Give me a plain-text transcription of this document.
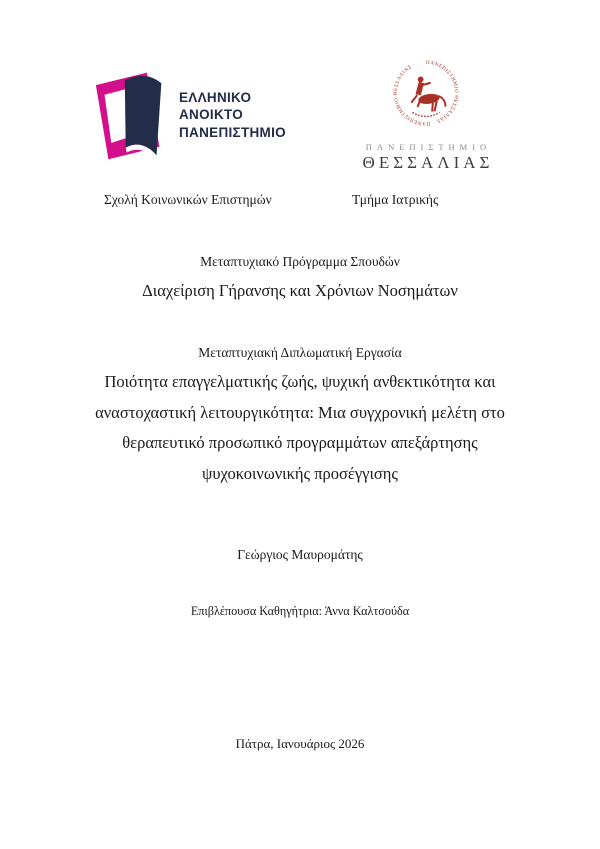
ΕΛΛΗΝΙΚΟ
ΑΝΟΙΚΤΟ
ΠΑΝΕΠΙΣΤΗΜΙΟ
ΠΑΝΕΠΙΣΤΗΜΙΟ ΘΕΣΣΑΛΙΑΣ · ΠΑΝΕΠΙΣΤΗΜΙΟ ΘΕΣΣΑΛΙΑΣ ·
ΠΑΝΕΠΙΣΤΗΜΙΟ
ΘΕΣΣΑΛΙΑΣ
Σχολή Κοινωνικών Επιστημών	Τμήμα Ιατρικής
Μεταπτυχιακό Πρόγραμμα Σπουδών
Διαχείριση Γήρανσης και Χρόνιων Νοσημάτων
Μεταπτυχιακή Διπλωματική Εργασία
Ποιότητα επαγγελματικής ζωής, ψυχική ανθεκτικότητα και
αναστοχαστική λειτουργικότητα: Μια συγχρονική μελέτη στο
θεραπευτικό προσωπικό προγραμμάτων απεξάρτησης
ψυχοκοινωνικής προσέγγισης
Γεώργιος Μαυρομάτης
Επιβλέπουσα Καθηγήτρια: Άννα Καλτσούδα
Πάτρα, Ιανουάριος 2026
